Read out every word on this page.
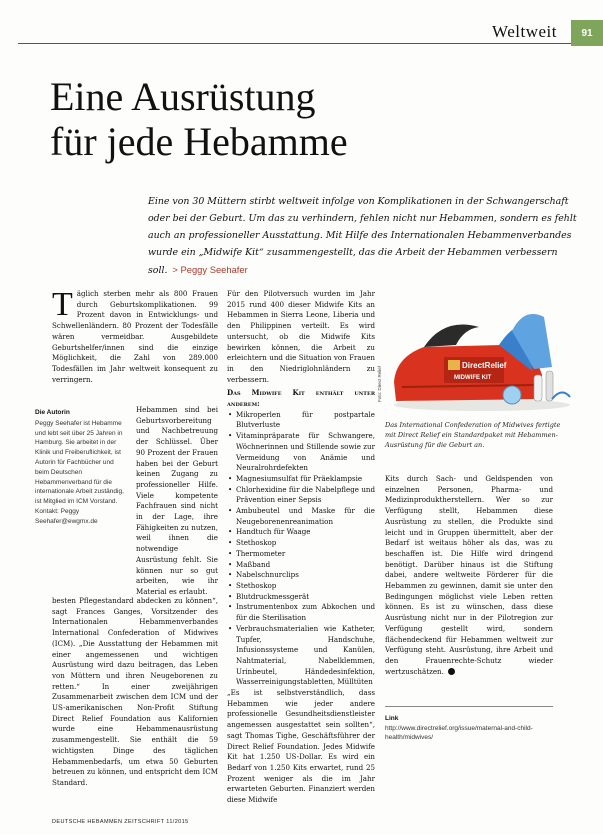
Weltweit 91
Eine Ausrüstung
für jede Hebamme
Eine von 30 Müttern stirbt weltweit infolge von Komplikationen in der Schwangerschaft oder bei der Geburt. Um das zu verhindern, fehlen nicht nur Hebammen, sondern es fehlt auch an professioneller Ausstattung. Mit Hilfe des Internationalen Hebammenverbandes wurde ein „Midwife Kit“ zusammengestellt, das die Arbeit der Hebammen verbessern soll. > Peggy Seehafer
T äglich sterben mehr als 800 Frauen durch Geburtskomplikationen. 99 Prozent davon in Entwicklungs- und Schwellenländern. 80 Prozent der Todesfälle wären vermeidbar. Ausgebildete Geburtshelfer/innen sind die einzige Möglichkeit, die Zahl von 289.000 Todesfällen im Jahr weltweit konsequent zu verringern.

Die Autorin
Peggy Seehafer ist Hebamme und lebt seit über 25 Jahren in Hamburg. Sie arbeitet in der Klinik und Freiberuflichkeit, ist Autorin für Fachbücher und beim Deutschen Hebammenverband für die internationale Arbeit zuständig, ist Mitglied im ICM Vorstand. Kontakt: Peggy Seehafer@ewgmx.de

Hebammen sind bei Geburtsvorbereitung und Nachbetreuung der Schlüssel. Über 90 Prozent der Frauen haben bei der Geburt keinen Zugang zu professioneller Hilfe. Viele kompetente Fachfrauen sind nicht in der Lage, ihre Fähigkeiten zu nutzen, weil ihnen die notwendige Ausrüstung fehlt. Sie können nur so gut arbeiten, wie ihr Material es erlaubt.

besten Pflegestandard abdecken zu können“, sagt Frances Ganges, Vorsitzender des Internationalen Hebammenverbandes International Confederation of Midwives (ICM). „Die Ausstattung der Hebammen mit einer angemessenen und wichtigen Ausrüstung wird dazu beitragen, das Leben von Müttern und ihren Neugeborenen zu retten.“ In einer zweijährigen Zusammenarbeit zwischen dem ICM und der US-amerikanischen Non-Profit Stiftung Direct Relief Foundation aus Kalifornien wurde eine Hebammenausrüstung zusammengestellt. Sie enthält die 59 wichtigsten Dinge des täglichen Hebammenbedarfs, um etwa 50 Geburten betreuen zu können, und entspricht dem ICM Standard.

Für den Pilotversuch wurden im Jahr 2015 rund 400 dieser Midwife Kits an Hebammen in Sierra Leone, Liberia und den Philippinen verteilt. Es wird untersucht, ob die Midwife Kits bewirken können, die Arbeit zu erleichtern und die Situation von Frauen in den Niedriglohnländern zu verbessern.

Das Midwife Kit enthält unter anderem:

• Mikroperlen für postpartale Blutverluste
• Vitaminpräparate für Schwangere, Wöchnerinnen und Stillende sowie zur Vermeidung von Anämie und Neuralrohrdefekten
• Magnesiumsulfat für Präeklampsie
• Chlorhexidine für die Nabelpflege und Prävention einer Sepsis
• Ambubeutel und Maske für die Neugeborenenreanimation
• Handtuch für Waage
• Stethoskop
• Thermometer
• Maßband
• Nabelschnurclips
• Stethoskop
• Blutdruckmessgerät
• Instrumentenbox zum Abkochen und für die Sterilisation
• Verbrauchsmaterialien wie Katheter, Tupfer, Handschuhe, Infusionssysteme und Kanülen, Nahtmaterial, Nabelklemmen, Urinbeutel, Händedesinfektion, Wasserreinigungstabletten, Mülltüten

„Es ist selbstverständlich, dass Hebammen wie jeder andere professionelle Gesundheitsdienstleister angemessen ausgestattet sein sollten“, sagt Thomas Tighe, Geschäftsführer der Direct Relief Foundation. Jedes Midwife Kit hat 1.250 US-Dollar. Es wird ein Bedarf von 1.250 Kits erwartet, rund 25 Prozent weniger als die im Jahr erwarteten Geburten. Finanziert werden diese Midwife

DirectRelief
MIDWIFE KIT
Foto: Direct Relief
Das International Confederation of Midwives fertigte mit Direct Relief ein Standardpaket mit Hebammen-Ausrüstung für die Geburt an.

Kits durch Sach- und Geldspenden von einzelnen Personen, Pharma- und Medizinproduktherstellern. Wer so zur Verfügung stellt, Hebammen diese Ausrüstung zu stellen, die Produkte sind leicht und in Gruppen übermittelt, aber der Bedarf ist weitaus höher als das, was zu beschaffen ist. Die Hilfe wird dringend benötigt. Darüber hinaus ist die Stiftung dabei, andere weltweite Förderer für die Hebammen zu gewinnen, damit sie unter den Bedingungen möglichst viele Leben retten können. Es ist zu wünschen, dass diese Ausrüstung nicht nur in der Pilotregion zur Verfügung gestellt wird, sondern flächendeckend für Hebammen weltweit zur Verfügung steht. Ausrüstung, ihre Arbeit und den Frauenrechte-Schutz wieder wertzuschätzen.

Link
http://www.directrelief.org/issue/maternal-and-child-health/midwives/
DEUTSCHE HEBAMMEN ZEITSCHRIFT 11/2015
